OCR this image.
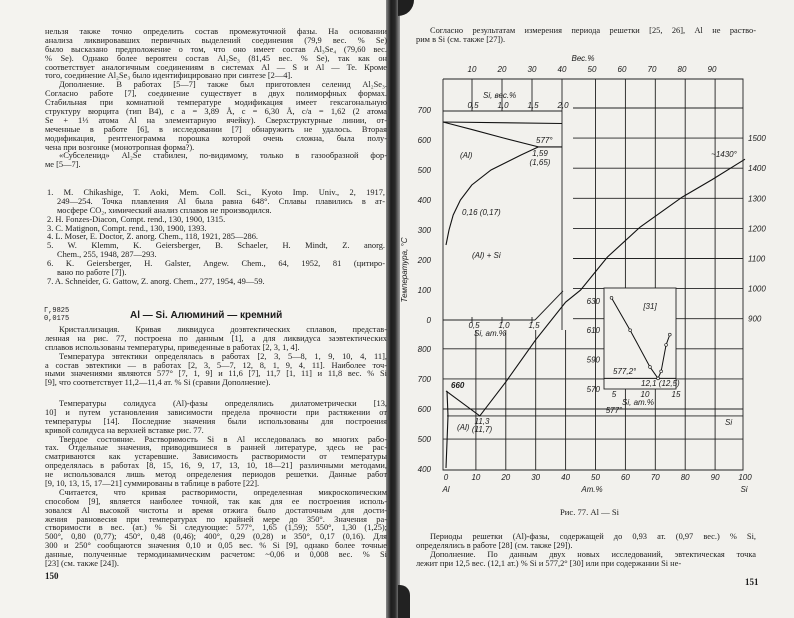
нельзя также точно определить состав промежуточной фазы. На основании
анализа ликвировавших первичных выделений соединения (79,9 вес. % Se)
было высказано предположение о том, что оно имеет состав Al₃Se₄ (79,60 вес.
% Se). Однако более вероятен состав Al₂Se₃ (81,45 вес. % Se), так как он
соответствует аналогичным соединениям в системах Al — S и Al — Te. Кроме
того, соединение Al₂Se₃ было идентифицировано при синтезе [2—4].
Дополнение. В работах [5—7] также был приготовлен селенид Al₂Se₃.
Согласно работе [7], соединение существует в двух полиморфных формах.
Стабильная при комнатной температуре модификация имеет гексагональную
структуру вюрцита (тип B4), с a = 3,89 Å, c = 6,30 Å, c/a = 1,62 (2 атома
Se + 1⅓ атома Al на элементарную ячейку). Сверхструктурные линии, от-
меченные в работе [6], в исследовании [7] обнаружить не удалось. Вторая
модификация, рентгенограмма порошка которой очень сложна, была полу-
чена при возгонке (монотропная форма?).
«Субселенид» Al₂Se стабилен, по-видимому, только в газообразной фор-
ме [5—7].
1. M. Chikashige, T. Aoki, Mem. Coll. Sci., Kyoto Imp. Univ., 2, 1917,
249—254. Точка плавления Al была равна 648°. Сплавы плавились в ат-
мосфере CO₂, химический анализ сплавов не производился.
2. H. Fonzes-Diacon, Compt. rend., 130, 1900, 1315.
3. C. Matignon, Compt. rend., 130, 1900, 1393.
4. L. Moser, E. Doctor, Z. anorg. Chem., 118, 1921, 285—286.
5. W. Klemm, K. Geiersberger, B. Schaeler, H. Mindt, Z. anorg.
Chem., 255, 1948, 287—293.
6. K. Geiersberger, H. Galster, Angew. Chem., 64, 1952, 81 (цитиро-
вано по работе [7]).
7. A. Schneider, G. Gattow, Z. anorg. Chem., 277, 1954, 49—59.
Γ,9825
0,0175	Al — Si. Алюминий — кремний
Кристаллизация. Кривая ликвидуса доэвтектических сплавов, представ-
ленная на рис. 77, построена по данным [1], а для ликвидуса заэвтектических
сплавов использованы температуры, приведенные в работах [2, 3, 1, 4].
Температура эвтектики определялась в работах [2, 3, 5—8, 1, 9, 10, 4, 11],
а состав эвтектики — в работах [2, 3, 5—7, 12, 8, 1, 9, 4, 11]. Наиболее точ-
ными значениями являются 577° [7, 1, 9] и 11,6 [7], 11,7 [1, 11] и 11,8 вес. % Si
[9], что соответствует 11,2—11,4 ат. % Si (сравни Дополнение).
Температуры солидуса (Al)-фазы определялись дилатометрически [13,
10] и путем установления зависимости предела прочности при растяжении от
температуры [14]. Последние значения были использованы для построения
кривой солидуса на верхней вставке рис. 77.
Твердое состояние. Растворимость Si в Al исследовалась во многих рабо-
тах. Отдельные значения, приводившиеся в ранней литературе, здесь не рас-
сматриваются как устаревшие. Зависимость растворимости от температуры
определялась в работах [8, 15, 16, 9, 17, 13, 10, 18—21] различными методами,
не использовался лишь метод определения периодов решетки. Данные работ
[9, 10, 13, 15, 17—21] суммированы в таблице в работе [22].
Считается, что кривая растворимости, определенная микроскопическим
способом [9], является наиболее точной, так как для ее построения исполь-
зовался Al высокой чистоты и время отжига было достаточным для дости-
жения равновесия при температурах по крайней мере до 350°. Значения ра-
створимости в вес. (ат.) % Si следующие: 577°, 1,65 (1,59); 550°, 1,30 (1,25);
500°, 0,80 (0,77); 450°, 0,48 (0,46); 400°, 0,29 (0,28) и 350°, 0,17 (0,16). Для
300 и 250° сообщаются значения 0,10 и 0,05 вес. % Si [9], однако более точные
данные, полученные термодинамическим расчетом: ~0,06 и 0,008 вес. % Si
[23] (см. также [24]).
150
Согласно результатам измерения периода решетки [25, 26], Al не раство-
рим в Si (см. также [27]).
Рис. 77. Al — Si
Периоды решетки (Al)-фазы, содержащей до 0,93 ат. (0,97 вес.) % Si,
определялись в работе [28] (см. также [29]).
Дополнение. По данным двух новых исследований, эвтектическая точка
лежит при 12,5 вес. (12,1 ат.) % Si и 577,2° [30] или при содержании Si не-
151
Вес.%
10	20	30	40	50	60	70	80	90
0	10	20	30	40	50	60	70	80	90 100
Al	Ат.%	Si
Температура, °С
800
700
600
500
400
1500
1400
1300
1200
1100
1000
900
660
11,3
(11,7)
577°
~1430°
(Al)
Si
Si, вес.%
0,5 1,0 1,5 2,0
700
600
500
400
300
200
100
0
0,5 1,0 1,5
Si, ат.%
(Al)
577°
1,59
(1,65)
0,16 (0,17)
(Al) + Si
[31]
630
610
590
570
5	10	15
Si, ат.%
577,2°
12,1 (12,5)
